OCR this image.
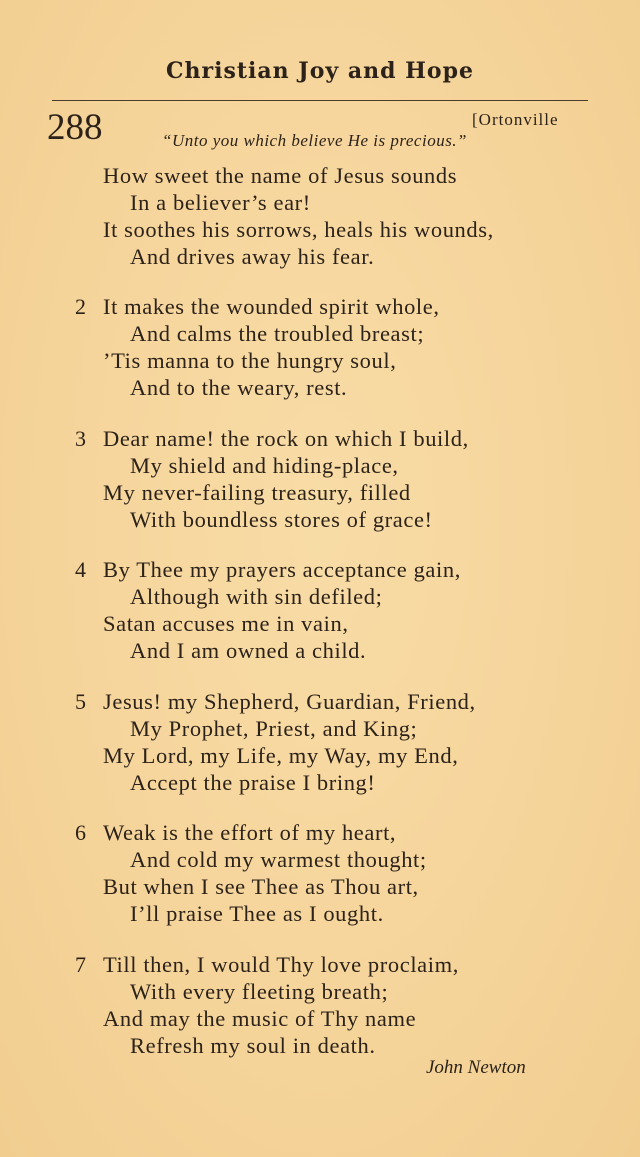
Christian Joy and Hope
288	[Ortonville
“Unto you which believe He is precious.”
How sweet the name of Jesus sounds
In a believer’s ear!
It soothes his sorrows, heals his wounds,
And drives away his fear.
2 It makes the wounded spirit whole,
And calms the troubled breast;
’Tis manna to the hungry soul,
And to the weary, rest.
3 Dear name! the rock on which I build,
My shield and hiding-place,
My never-failing treasury, filled
With boundless stores of grace!
4 By Thee my prayers acceptance gain,
Although with sin defiled;
Satan accuses me in vain,
And I am owned a child.
5 Jesus! my Shepherd, Guardian, Friend,
My Prophet, Priest, and King;
My Lord, my Life, my Way, my End,
Accept the praise I bring!
6 Weak is the effort of my heart,
And cold my warmest thought;
But when I see Thee as Thou art,
I’ll praise Thee as I ought.
7 Till then, I would Thy love proclaim,
With every fleeting breath;
And may the music of Thy name
Refresh my soul in death.
John Newton
